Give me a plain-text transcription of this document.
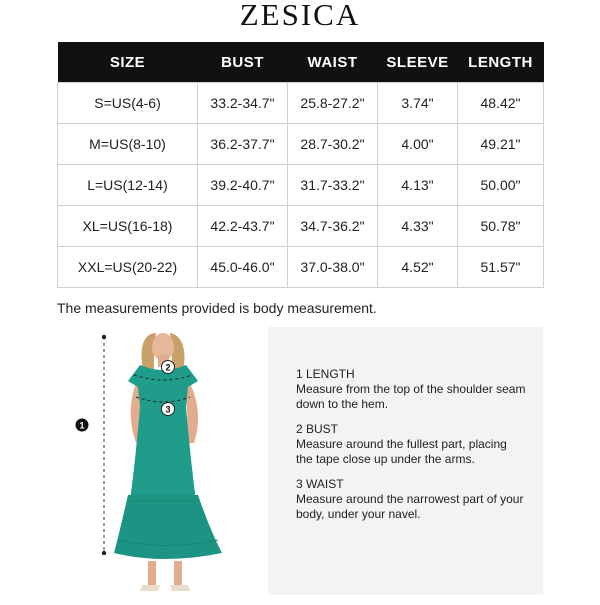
ZESICA
SIZE	BUST	WAIST	SLEEVE	LENGTH
S=US(4-6)	33.2-34.7"	25.8-27.2"	3.74"	48.42"
M=US(8-10)	36.2-37.7"	28.7-30.2"	4.00"	49.21"
L=US(12-14)	39.2-40.7"	31.7-33.2"	4.13"	50.00"
XL=US(16-18)	42.2-43.7"	34.7-36.2"	4.33"	50.78"
XXL=US(20-22)	45.0-46.0"	37.0-38.0"	4.52"	51.57"
The measurements provided is body measurement.
1
2
3
1 LENGTH
Measure from the top of the shoulder seam down to the hem.
2 BUST
Measure around the fullest part, placing the tape close up under the arms.
3 WAIST
Measure around the narrowest part of your body, under your navel.
